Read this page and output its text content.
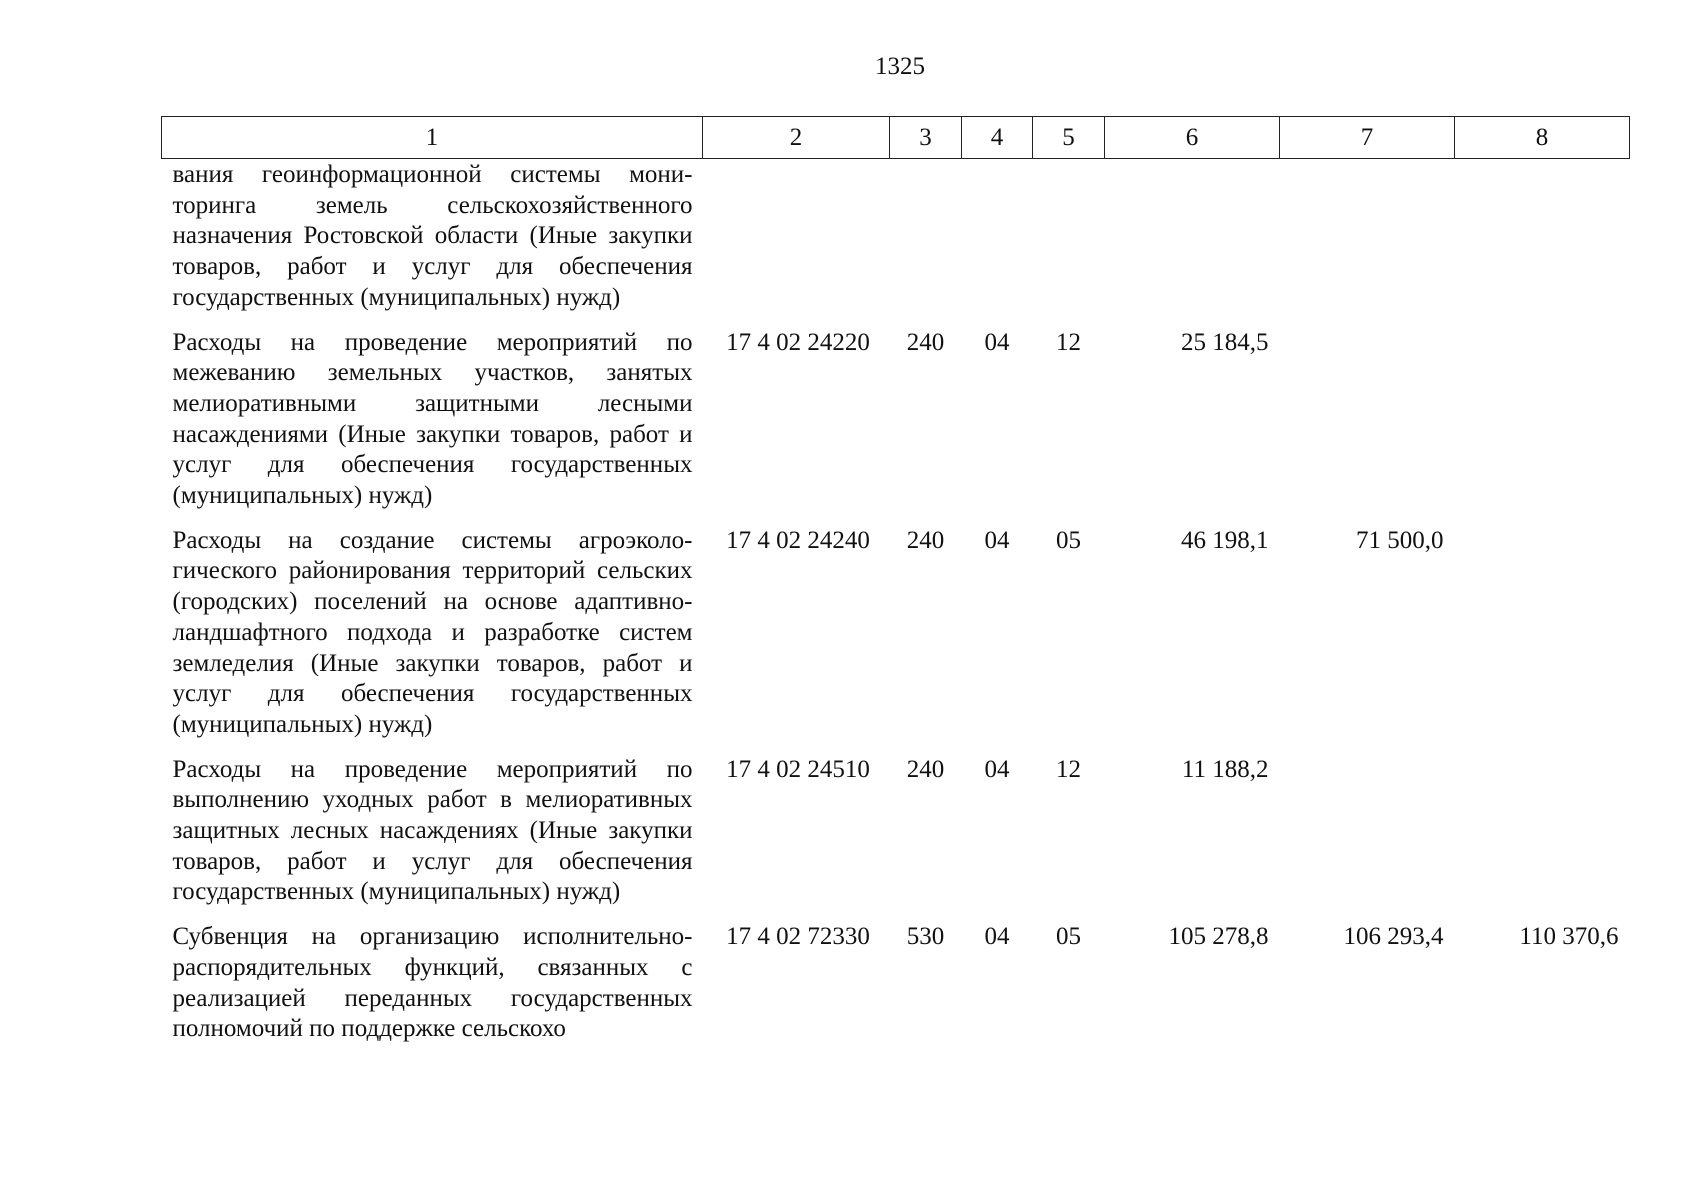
1325
1	2	3	4	5	6	7	8
вания геоинформационной системы мониторинга земель сельскохозяйственного назначения Ростовской области (Иные закупки товаров, работ и услуг для обеспечения государственных (муниципальных) нужд)							
Расходы на проведение мероприятий по межеванию земельных участков, занятых мелиоративными защитными лесными насаждениями (Иные закупки товаров, работ и услуг для обеспечения государственных (муниципальных) нужд)	17 4 02 24220	240	04	12	25 184,5		
Расходы на создание системы агроэкологического районирования территорий сельских (городских) поселений на основе адаптивно-ландшафтного подхода и разработке систем земледелия (Иные закупки товаров, работ и услуг для обеспечения государственных (муниципальных) нужд)	17 4 02 24240	240	04	05	46 198,1	71 500,0	
Расходы на проведение мероприятий по выполнению уходных работ в мелиоративных защитных лесных насаждениях (Иные закупки товаров, работ и услуг для обеспечения государственных (муниципальных) нужд)	17 4 02 24510	240	04	12	11 188,2		
Субвенция на организацию исполнительно-распорядительных функций, связанных с реализацией переданных государственных полномочий по поддержке сельскохо	17 4 02 72330	530	04	05	105 278,8	106 293,4	110 370,6
